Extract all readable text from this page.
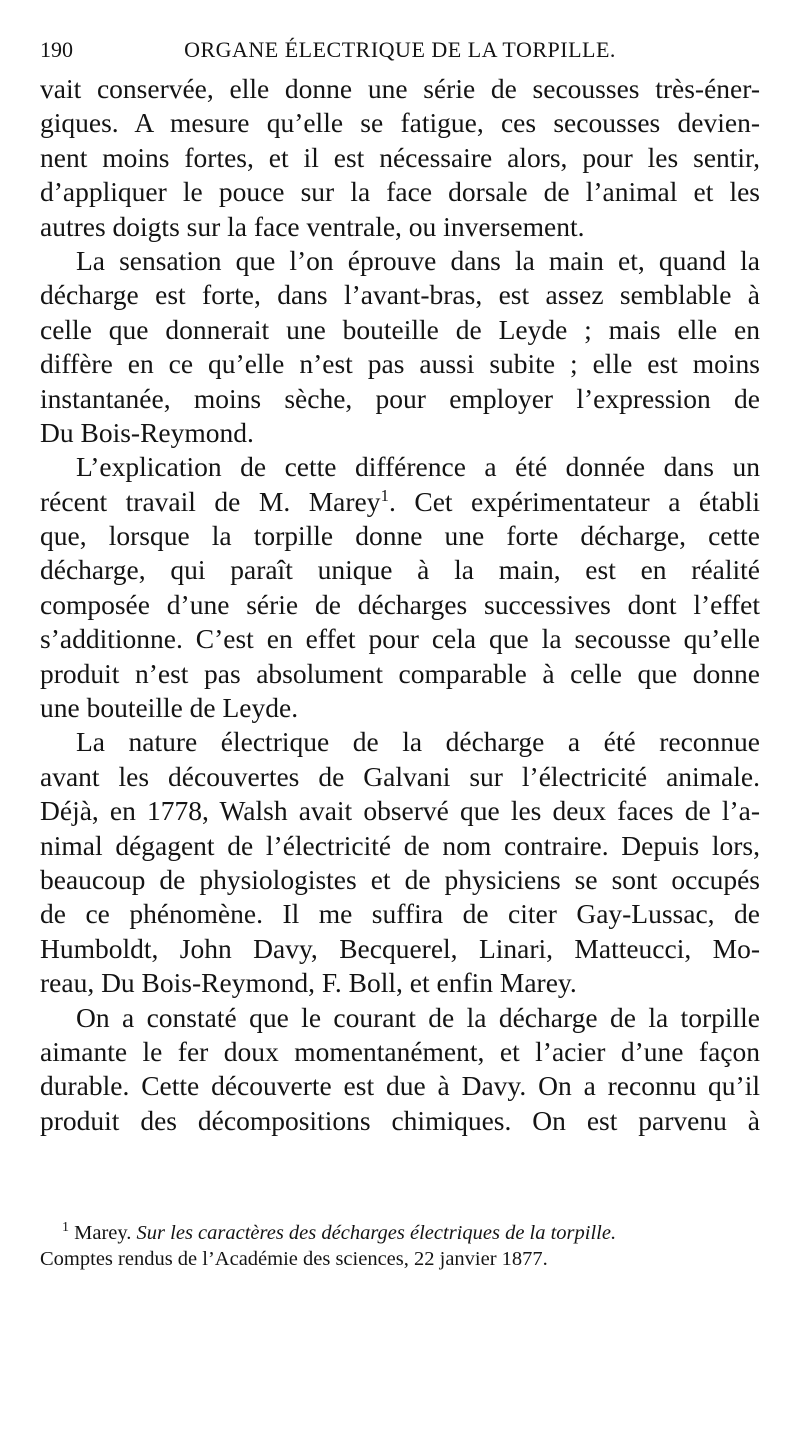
190	ORGANE ÉLECTRIQUE DE LA TORPILLE.
vait conservée, elle donne une série de secousses très-éner-
giques. A mesure qu’elle se fatigue, ces secousses devien-
nent moins fortes, et il est nécessaire alors, pour les sentir,
d’appliquer le pouce sur la face dorsale de l’animal et les
autres doigts sur la face ventrale, ou inversement.
La sensation que l’on éprouve dans la main et, quand la
décharge est forte, dans l’avant-bras, est assez semblable à
celle que donnerait une bouteille de Leyde ; mais elle en
diffère en ce qu’elle n’est pas aussi subite ; elle est moins
instantanée, moins sèche, pour employer l’expression de
Du Bois-Reymond.
L’explication de cette différence a été donnée dans un
récent travail de M. Marey$^1$. Cet expérimentateur a établi
que, lorsque la torpille donne une forte décharge, cette
décharge, qui paraît unique à la main, est en réalité
composée d’une série de décharges successives dont l’effet
s’additionne. C’est en effet pour cela que la secousse qu’elle
produit n’est pas absolument comparable à celle que donne
une bouteille de Leyde.
La nature électrique de la décharge a été reconnue
avant les découvertes de Galvani sur l’électricité animale.
Déjà, en 1778, Walsh avait observé que les deux faces de l’a-
nimal dégagent de l’électricité de nom contraire. Depuis lors,
beaucoup de physiologistes et de physiciens se sont occupés
de ce phénomène. Il me suffira de citer Gay-Lussac, de
Humboldt, John Davy, Becquerel, Linari, Matteucci, Mo-
reau, Du Bois-Reymond, F. Boll, et enfin Marey.
On a constaté que le courant de la décharge de la torpille
aimante le fer doux momentanément, et l’acier d’une façon
durable. Cette découverte est due à Davy. On a reconnu qu’il
produit des décompositions chimiques. On est parvenu à
$^1$ Marey. Sur les caractères des décharges électriques de la torpille.
Comptes rendus de l’Académie des sciences, 22 janvier 1877.
